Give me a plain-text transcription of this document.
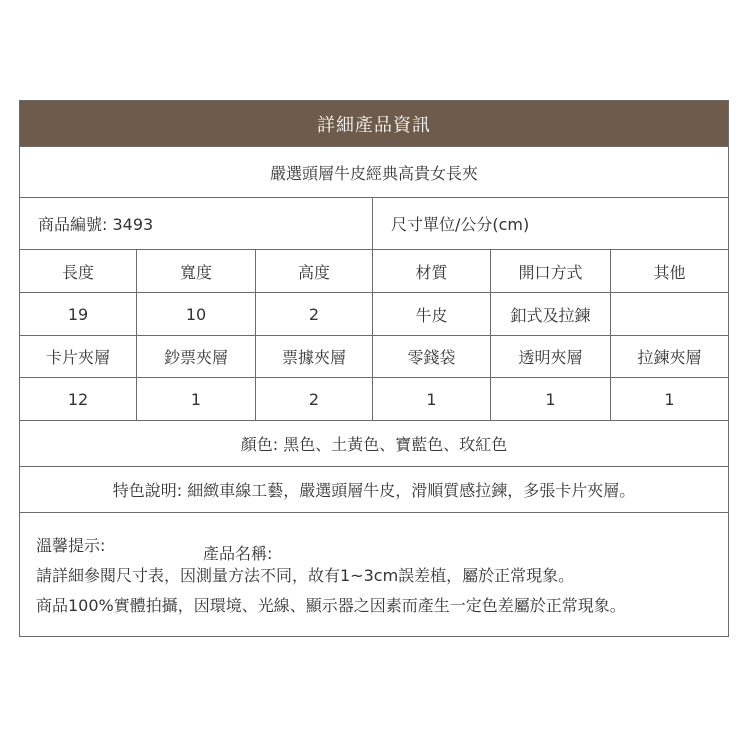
詳細產品資訊
嚴選頭層牛皮經典高貴女長夾
商品編號: 3493	尺寸單位/公分(cm)
長度	寬度	高度	材質	開口方式	其他
19	10	2	牛皮	釦式及拉鍊
卡片夾層	鈔票夾層	票據夾層	零錢袋	透明夾層	拉鍊夾層
12	1	2	1	1	1
顏色: 黑色、土黃色、寶藍色、玫紅色
特色說明: 細緻車線工藝，嚴選頭層牛皮，滑順質感拉鍊，多張卡片夾層。
溫馨提示:	產品名稱:
請詳細參閱尺寸表，因測量方法不同，故有1~3cm誤差植，屬於正常現象。
商品100%實體拍攝，因環境、光線、顯示器之因素而產生一定色差屬於正常現象。
